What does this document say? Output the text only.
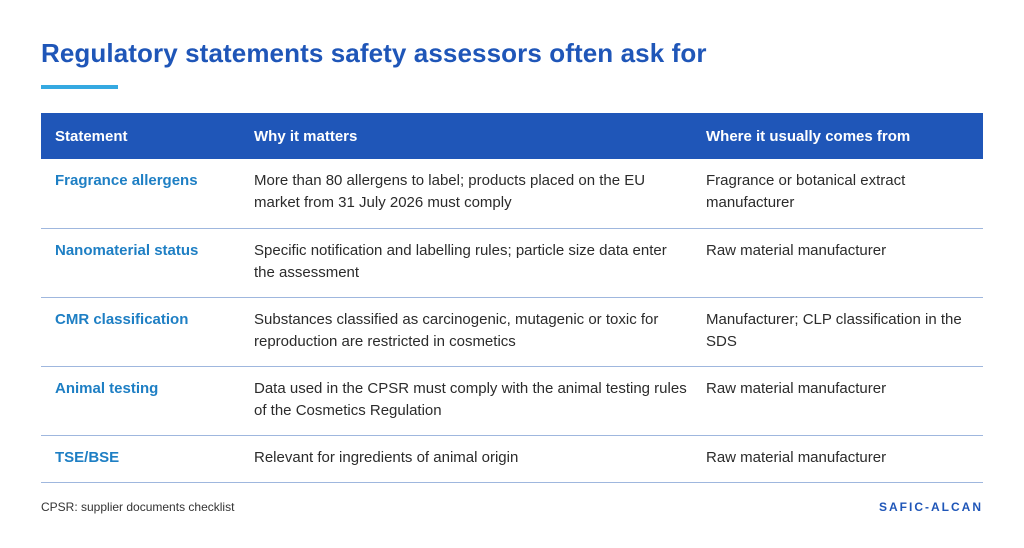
Regulatory statements safety assessors often ask for
Statement	Why it matters	Where it usually comes from
Fragrance allergens	More than 80 allergens to label; products placed on the EU market from 31 July 2026 must comply	Fragrance or botanical extract manufacturer
Nanomaterial status	Specific notification and labelling rules; particle size data enter the assessment	Raw material manufacturer
CMR classification	Substances classified as carcinogenic, mutagenic or toxic for reproduction are restricted in cosmetics	Manufacturer; CLP classification in the SDS
Animal testing	Data used in the CPSR must comply with the animal testing rules of the Cosmetics Regulation	Raw material manufacturer
TSE/BSE	Relevant for ingredients of animal origin	Raw material manufacturer
CPSR: supplier documents checklist	SAFIC-ALCAN
